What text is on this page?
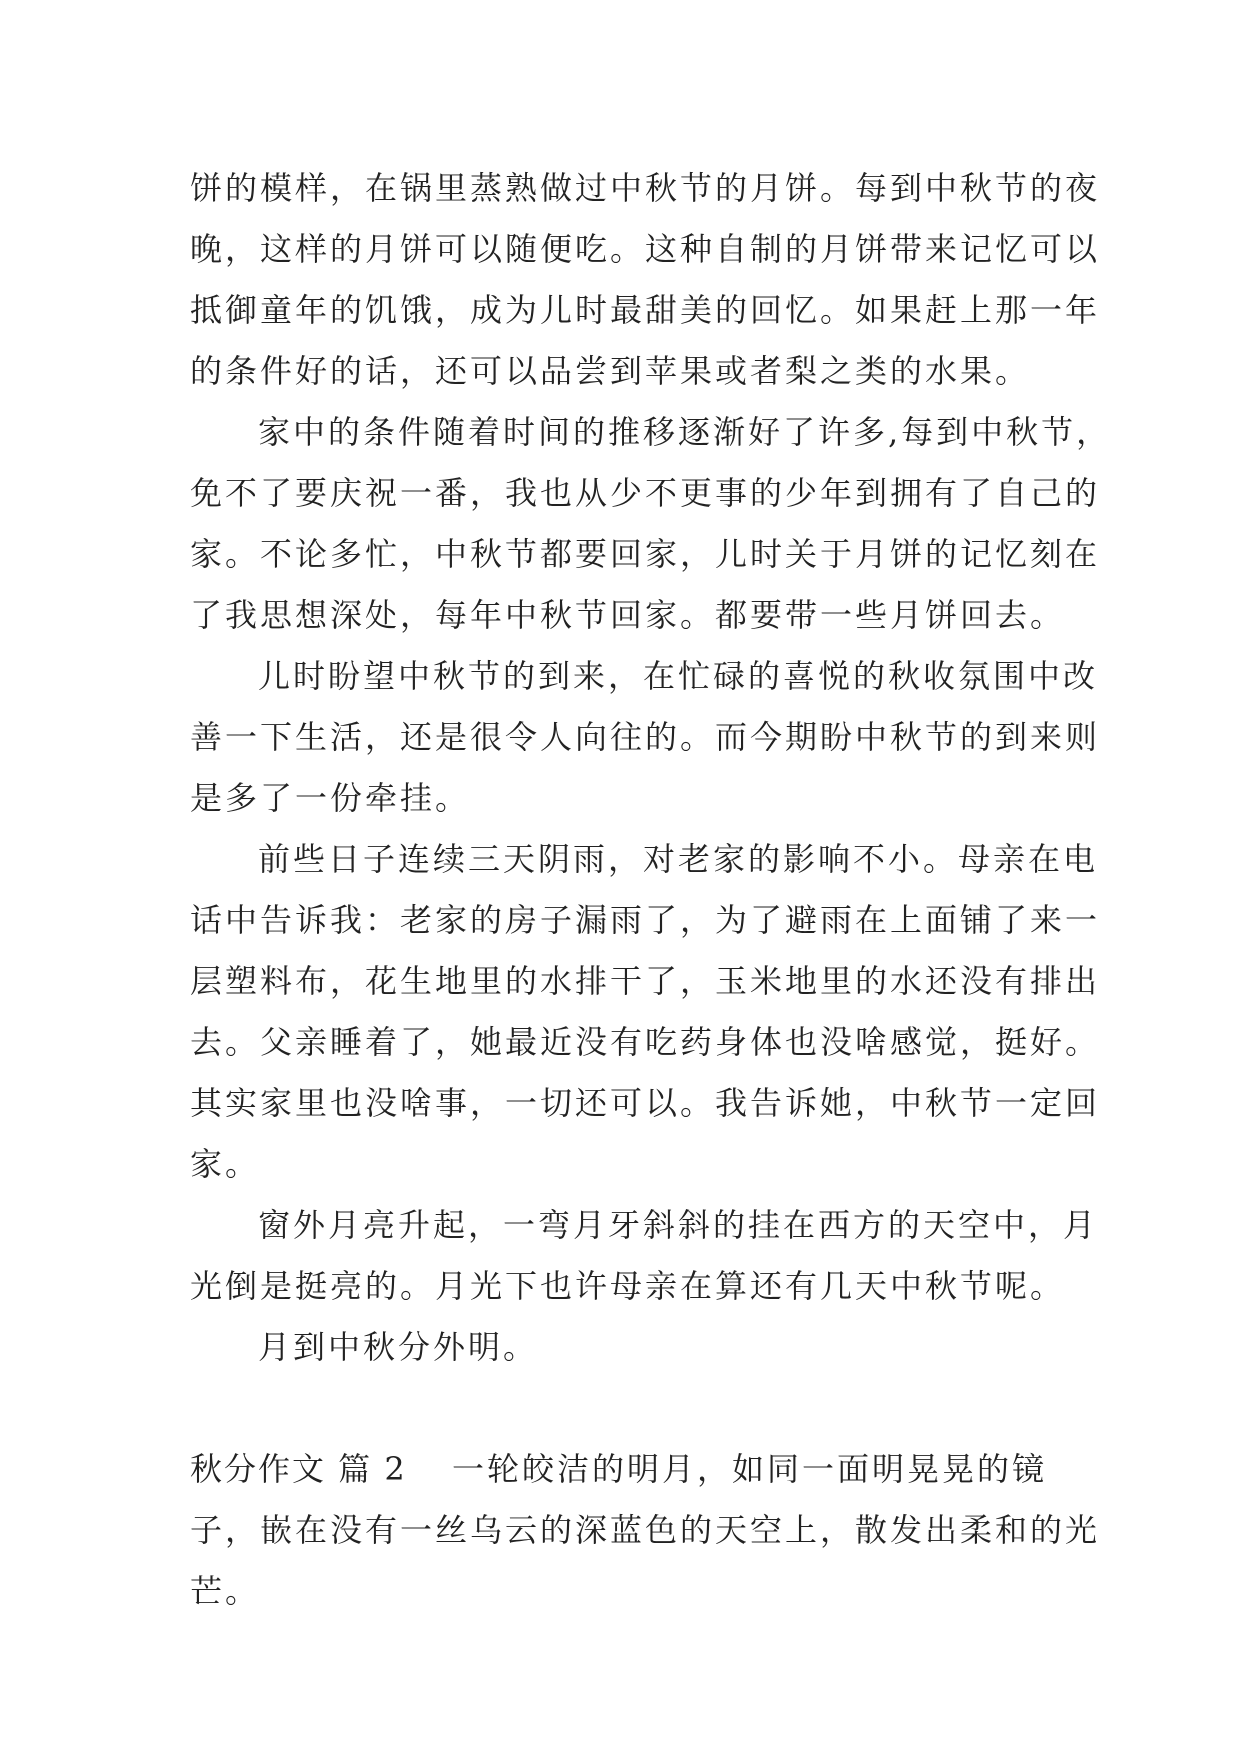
饼的模样，在锅里蒸熟做过中秋节的月饼。每到中秋节的夜
晚，这样的月饼可以随便吃。这种自制的月饼带来记忆可以
抵御童年的饥饿，成为儿时最甜美的回忆。如果赶上那一年
的条件好的话，还可以品尝到苹果或者梨之类的水果。

家中的条件随着时间的推移逐渐好了许多,每到中秋节，
免不了要庆祝一番，我也从少不更事的少年到拥有了自己的
家。不论多忙，中秋节都要回家，儿时关于月饼的记忆刻在
了我思想深处，每年中秋节回家。都要带一些月饼回去。

儿时盼望中秋节的到来，在忙碌的喜悦的秋收氛围中改
善一下生活，还是很令人向往的。而今期盼中秋节的到来则
是多了一份牵挂。

前些日子连续三天阴雨，对老家的影响不小。母亲在电
话中告诉我：老家的房子漏雨了，为了避雨在上面铺了来一
层塑料布，花生地里的水排干了，玉米地里的水还没有排出
去。父亲睡着了，她最近没有吃药身体也没啥感觉，挺好。
其实家里也没啥事，一切还可以。我告诉她，中秋节一定回
家。

窗外月亮升起，一弯月牙斜斜的挂在西方的天空中，月
光倒是挺亮的。月光下也许母亲在算还有几天中秋节呢。

月到中秋分外明。

秋分作文 篇 2 一轮皎洁的明月，如同一面明晃晃的镜
子，嵌在没有一丝乌云的深蓝色的天空上，散发出柔和的光
芒。
